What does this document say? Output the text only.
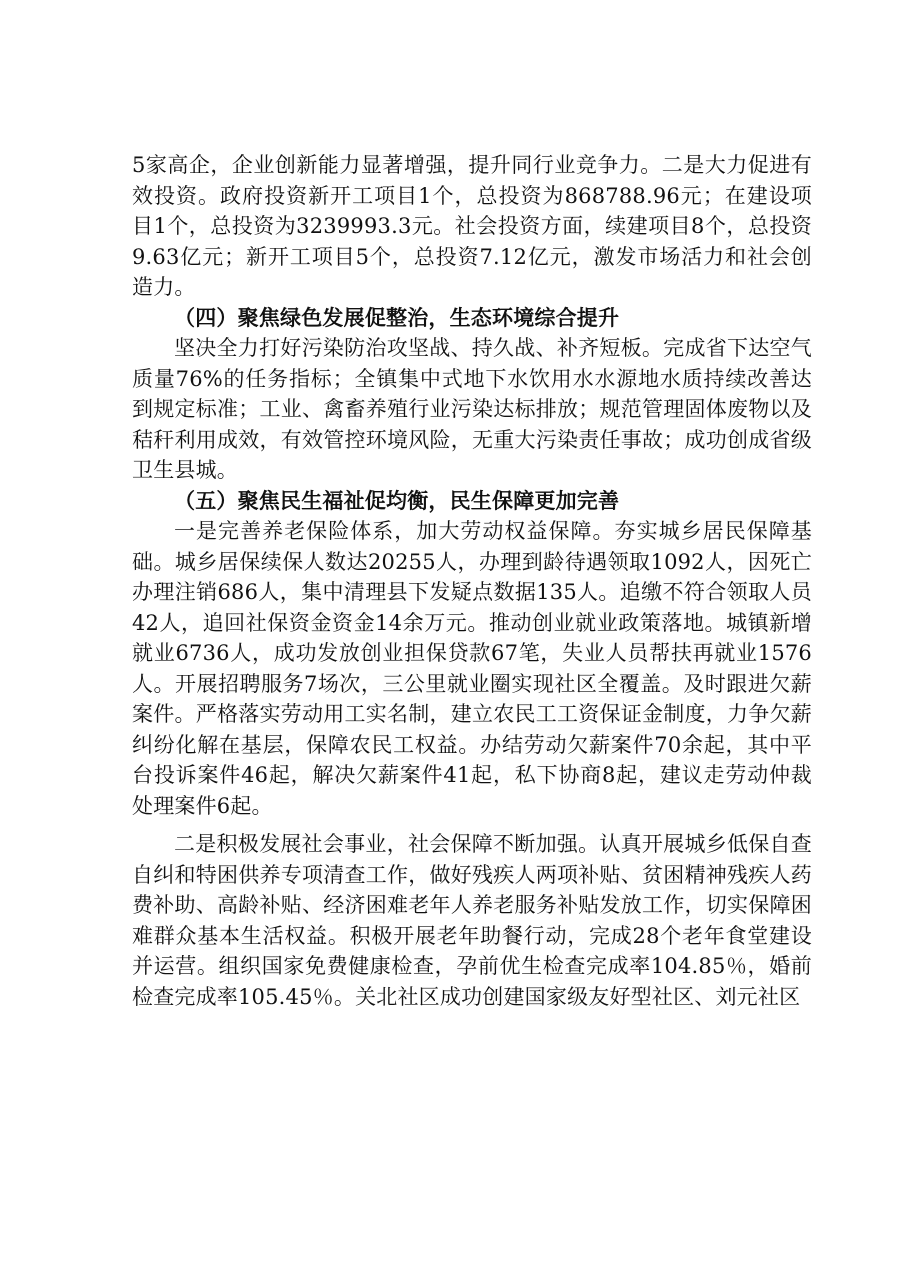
5家高企，企业创新能力显著增强，提升同行业竞争力。二是大力促进有效投资。政府投资新开工项目1个，总投资为868788.96元；在建设项目1个，总投资为3239993.3元。社会投资方面，续建项目8个，总投资9.63亿元；新开工项目5个，总投资7.12亿元，激发市场活力和社会创造力。

（四）聚焦绿色发展促整治，生态环境综合提升

坚决全力打好污染防治攻坚战、持久战、补齐短板。完成省下达空气质量76%的任务指标；全镇集中式地下水饮用水水源地水质持续改善达到规定标准；工业、禽畜养殖行业污染达标排放；规范管理固体废物以及秸秆利用成效，有效管控环境风险，无重大污染责任事故；成功创成省级卫生县城。

（五）聚焦民生福祉促均衡，民生保障更加完善

一是完善养老保险体系，加大劳动权益保障。夯实城乡居民保障基础。城乡居保续保人数达20255人，办理到龄待遇领取1092人，因死亡办理注销686人，集中清理县下发疑点数据135人。追缴不符合领取人员42人，追回社保资金资金14余万元。推动创业就业政策落地。城镇新增就业6736人，成功发放创业担保贷款67笔，失业人员帮扶再就业1576人。开展招聘服务7场次，三公里就业圈实现社区全覆盖。及时跟进欠薪案件。严格落实劳动用工实名制，建立农民工工资保证金制度，力争欠薪纠纷化解在基层，保障农民工权益。办结劳动欠薪案件70余起，其中平台投诉案件46起，解决欠薪案件41起，私下协商8起，建议走劳动仲裁处理案件6起。

二是积极发展社会事业，社会保障不断加强。认真开展城乡低保自查自纠和特困供养专项清查工作，做好残疾人两项补贴、贫困精神残疾人药费补助、高龄补贴、经济困难老年人养老服务补贴发放工作，切实保障困难群众基本生活权益。积极开展老年助餐行动，完成28个老年食堂建设并运营。组织国家免费健康检查，孕前优生检查完成率104.85％，婚前检查完成率105.45％。关北社区成功创建国家级友好型社区、刘元社区
